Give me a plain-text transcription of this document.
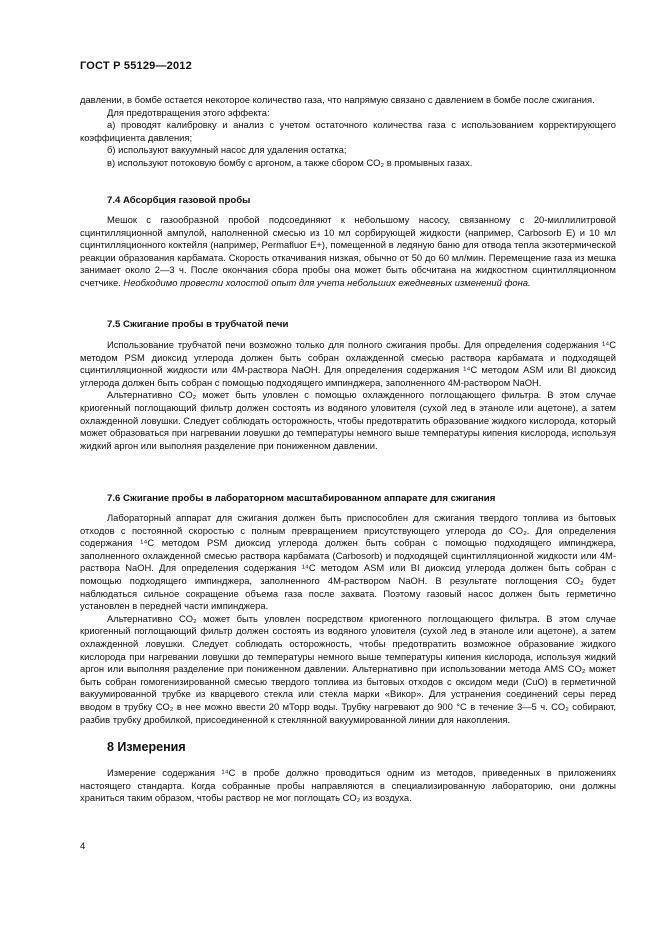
ГОСТ Р 55129—2012

давлении, в бомбе остается некоторое количество газа, что напрямую связано с давлением в бомбе после сжигания.

Для предотвращения этого эффекта:

а) проводят калибровку и анализ с учетом остаточного количества газа с использованием корректирующего коэффициента давления;

б) используют вакуумный насос для удаления остатка;

в) используют потоковую бомбу с аргоном, а также сбором CO₂ в промывных газах.

7.4 Абсорбция газовой пробы
Мешок с газообразной пробой подсоединяют к небольшому насосу, связанному с 20-миллилитровой сцинтилляционной ампулой, наполненной смесью из 10 мл сорбирующей жидкости (например, Carbosorb E) и 10 мл сцинтилляционного коктейля (например, Permafluor E+), помещенной в ледяную баню для отвода тепла экзотермической реакции образования карбамата. Скорость откачивания низкая, обычно от 50 до 60 мл/мин. Перемещение газа из мешка занимает около 2—3 ч. После окончания сбора пробы она может быть обсчитана на жидкостном сцинтилляционном счетчике. Необходимо провести холостой опыт для учета небольших ежедневных изменений фона.
7.5 Сжигание пробы в трубчатой печи

Использование трубчатой печи возможно только для полного сжигания пробы. Для определения содержания ¹⁴C методом PSM диоксид углерода должен быть собран охлажденной смесью раствора карбамата и подходящей сцинтилляционной жидкости или 4М-раствора NaOH. Для определения содержания ¹⁴C методом ASM или BI диоксид углерода должен быть собран с помощью подходящего импинджера, заполненного 4М-раствором NaOH.

Альтернативно CO₂ может быть уловлен с помощью охлажденного поглощающего фильтра. В этом случае криогенный поглощающий фильтр должен состоять из водяного уловителя (сухой лед в этаноле или ацетоне), а затем охлажденной ловушки. Следует соблюдать осторожность, чтобы предотвратить образование жидкого кислорода, который может образоваться при нагревании ловушки до температуры немного выше температуры кипения кислорода, используя жидкий аргон или выполняя разделение при пониженном давлении.

7.6 Сжигание пробы в лабораторном масштабированном аппарате для сжигания

Лабораторный аппарат для сжигания должен быть приспособлен для сжигания твердого топлива из бытовых отходов с постоянной скоростью с полным превращением присутствующего углерода до CO₂. Для определения содержания ¹⁴C методом PSM диоксид углерода должен быть собран с помощью подходящего импинджера, заполненного охлажденной смесью раствора карбамата (Carbosorb) и подходящей сцинтилляционной жидкости или 4М-раствора NaOH. Для определения содержания ¹⁴C методом ASM или BI диоксид углерода должен быть собран с помощью подходящего импинджера, заполненного 4М-раствором NaOH. В результате поглощения CO₂ будет наблюдаться сильное сокращение объема газа после захвата. Поэтому газовый насос должен быть герметично установлен в передней части импинджера.

Альтернативно CO₂ может быть уловлен посредством криогенного поглощающего фильтра. В этом случае криогенный поглощающий фильтр должен состоять из водяного уловителя (сухой лед в этаноле или ацетоне), а затем охлажденной ловушки. Следует соблюдать осторожность, чтобы предотвратить возможное образование жидкого кислорода при нагревании ловушки до температуры немного выше температуры кипения кислорода, используя жидкий аргон или выполняя разделение при пониженном давлении. Альтернативно при использовании метода AMS CO₂ может быть собран гомогенизированной смесью твердого топлива из бытовых отходов с оксидом меди (CuO) в герметичной вакуумированной трубке из кварцевого стекла или стекла марки «Викор». Для устранения соединений серы перед вводом в трубку CO₂ в нее можно ввести 20 мТорр воды. Трубку нагревают до 900 °C в течение 3—5 ч. CO₂ собирают, разбив трубку дробилкой, присоединенной к стеклянной вакуумированной линии для накопления.

8 Измерения
Измерение содержания ¹⁴C в пробе должно проводиться одним из методов, приведенных в приложениях настоящего стандарта. Когда собранные пробы направляются в специализированную лабораторию, они должны храниться таким образом, чтобы раствор не мог поглощать CO₂ из воздуха.
4
